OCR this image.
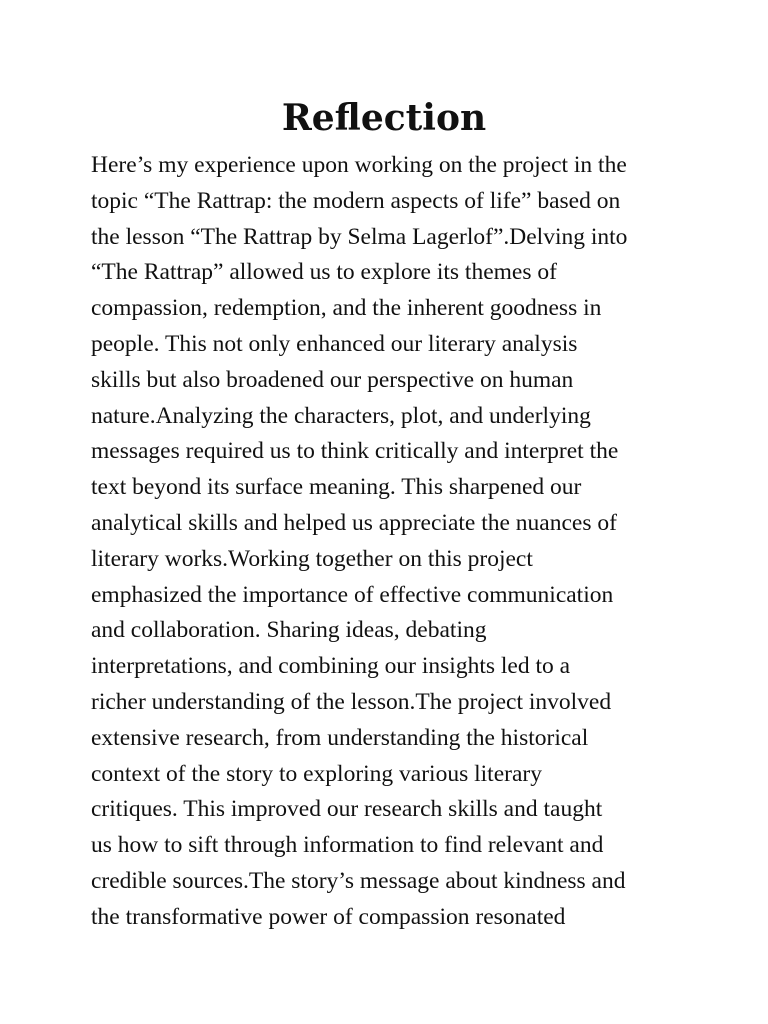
Reflection
Here’s my experience upon working on the project in the
topic “The Rattrap: the modern aspects of life” based on
the lesson “The Rattrap by Selma Lagerlof”.Delving into
“The Rattrap” allowed us to explore its themes of
compassion, redemption, and the inherent goodness in
people. This not only enhanced our literary analysis
skills but also broadened our perspective on human
nature.Analyzing the characters, plot, and underlying
messages required us to think critically and interpret the
text beyond its surface meaning. This sharpened our
analytical skills and helped us appreciate the nuances of
literary works.Working together on this project
emphasized the importance of effective communication
and collaboration. Sharing ideas, debating
interpretations, and combining our insights led to a
richer understanding of the lesson.The project involved
extensive research, from understanding the historical
context of the story to exploring various literary
critiques. This improved our research skills and taught
us how to sift through information to find relevant and
credible sources.The story’s message about kindness and
the transformative power of compassion resonated
